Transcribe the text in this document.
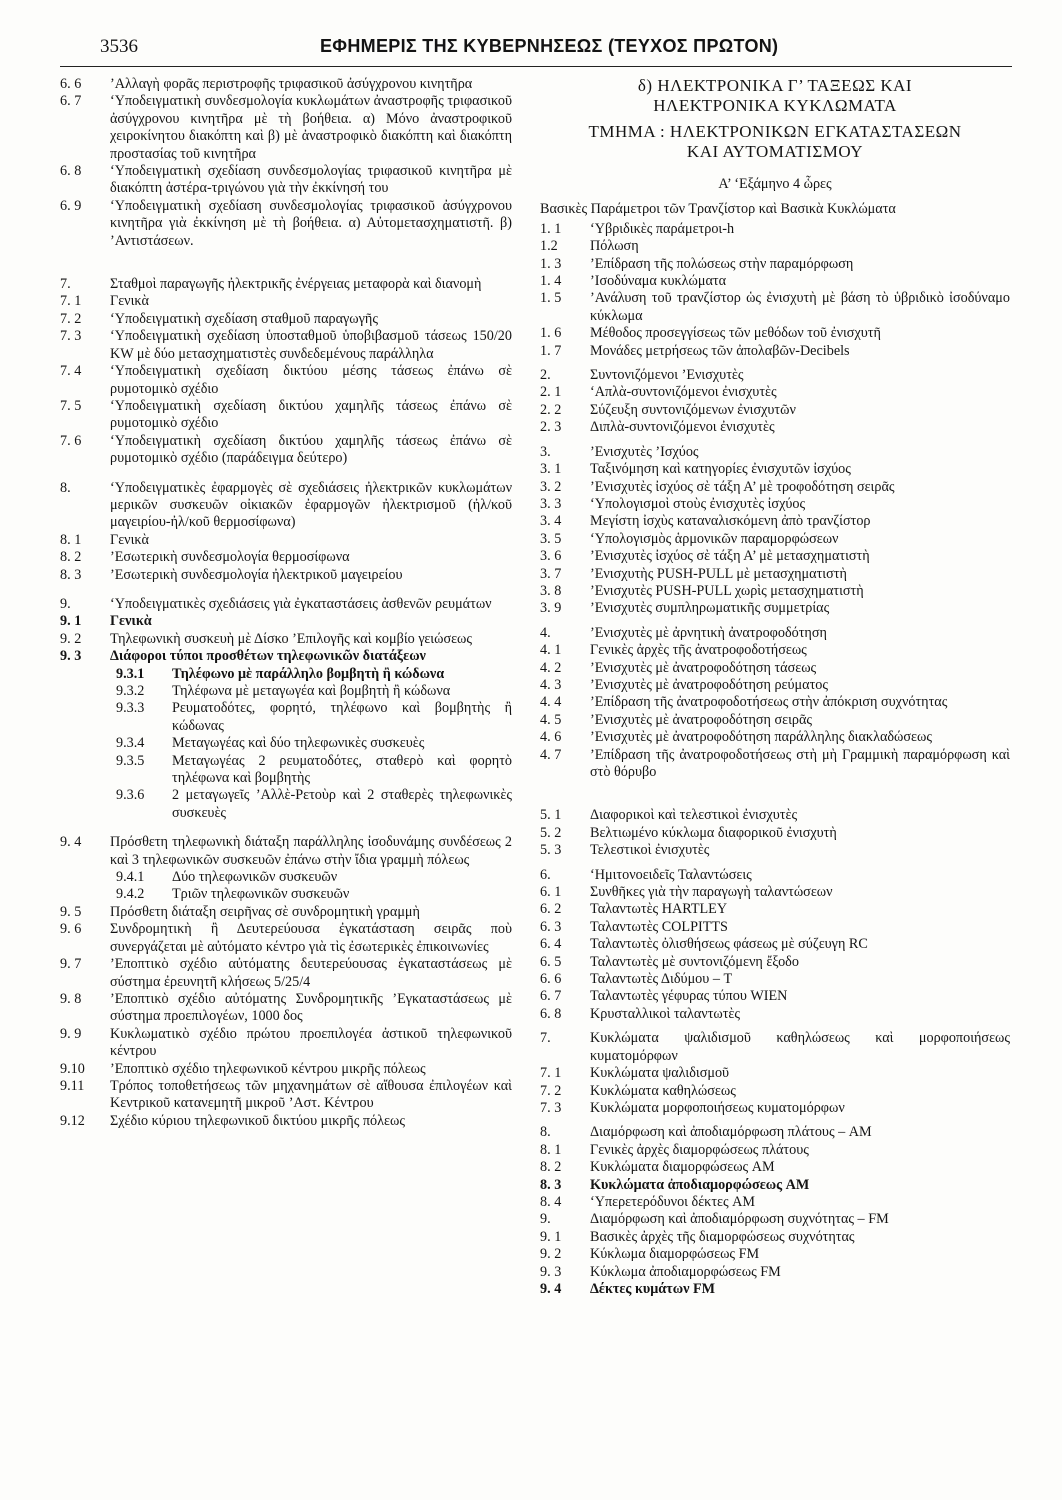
3536	ΕΦΗΜΕΡΙΣ ΤΗΣ ΚΥΒΕΡΝΗΣΕΩΣ (ΤΕΥΧΟΣ ΠΡΩΤΟΝ)
6. 6	’Αλλαγὴ φορᾶς περιστροφῆς τριφασικοῦ ἀσύγχρονου κινητῆρα
6. 7	‘Υποδειγματικὴ συνδεσμολογία κυκλωμάτων ἀναστροφῆς τριφασικοῦ ἀσύγχρονου κινητῆρα μὲ τὴ βοήθεια. α) Μόνο ἀναστροφικοῦ χειροκίνητου διακόπτη καὶ β) μὲ ἀναστροφικὸ διακόπτη καὶ διακόπτη προστασίας τοῦ κινητῆρα
6. 8	‘Υποδειγματικὴ σχεδίαση συνδεσμολογίας τριφασικοῦ κινητῆρα μὲ διακόπτη ἀστέρα-τριγώνου γιὰ τὴν ἐκκίνησή του
6. 9	‘Υποδειγματικὴ σχεδίαση συνδεσμολογίας τριφασικοῦ ἀσύγχρονου κινητῆρα γιὰ ἐκκίνηση μὲ τὴ βοήθεια. α) Αὐτομετασχηματιστῆ. β) ’Αντιστάσεων.
7.	Σταθμοὶ παραγωγῆς ἠλεκτρικῆς ἐνέργειας μεταφορὰ καὶ διανομὴ
7. 1	Γενικὰ
7. 2	‘Υποδειγματικὴ σχεδίαση σταθμοῦ παραγωγῆς
7. 3	‘Υποδειγματικὴ σχεδίαση ὑποσταθμοῦ ὑποβιβασμοῦ τάσεως 150/20 KW μὲ δύο μετασχηματιστὲς συνδεδεμένους παράλληλα
7. 4	‘Υποδειγματικὴ σχεδίαση δικτύου μέσης τάσεως ἐπάνω σὲ ρυμοτομικὸ σχέδιο
7. 5	‘Υποδειγματικὴ σχεδίαση δικτύου χαμηλῆς τάσεως ἐπάνω σὲ ρυμοτομικὸ σχέδιο
7. 6	‘Υποδειγματικὴ σχεδίαση δικτύου χαμηλῆς τάσεως ἐπάνω σὲ ρυμοτομικὸ σχέδιο (παράδειγμα δεύτερο)
8.	‘Υποδειγματικὲς ἐφαρμογὲς σὲ σχεδιάσεις ἠλεκτρικῶν κυκλωμάτων μερικῶν συσκευῶν οἰκιακῶν ἐφαρμογῶν ἠλεκτρισμοῦ (ἠλ/κοῦ μαγειρίου-ἠλ/κοῦ θερμοσίφωνα)
8. 1	Γενικὰ
8. 2	’Εσωτερικὴ συνδεσμολογία θερμοσίφωνα
8. 3	’Εσωτερικὴ συνδεσμολογία ἠλεκτρικοῦ μαγειρείου
9.	‘Υποδειγματικὲς σχεδιάσεις γιὰ ἐγκαταστάσεις ἀσθενῶν ρευμάτων
9. 1	Γενικὰ
9. 2	Τηλεφωνικὴ συσκευὴ μὲ Δίσκο ’Επιλογῆς καὶ κομβίο γειώσεως
9. 3	Διάφοροι τύποι προσθέτων τηλεφωνικῶν διατάξεων
9.3.1	Τηλέφωνο μὲ παράλληλο βομβητὴ ἢ κώδωνα
9.3.2	Τηλέφωνα μὲ μεταγωγέα καὶ βομβητὴ ἢ κώδωνα
9.3.3	Ρευματοδότες, φορητό, τηλέφωνο καὶ βομβητὴς ἢ κώδωνας
9.3.4	Μεταγωγέας καὶ δύο τηλεφωνικὲς συσκευὲς
9.3.5	Μεταγωγέας 2 ρευματοδότες, σταθερὸ καὶ φορητὸ τηλέφωνα καὶ βομβητὴς
9.3.6	2 μεταγωγεῖς ’Αλλὲ-Ρετοὺρ καὶ 2 σταθερὲς τηλεφωνικὲς συσκευὲς
9. 4	Πρόσθετη τηλεφωνικὴ διάταξη παράλληλης ἰσοδυνάμης συνδέσεως 2 καὶ 3 τηλεφωνικῶν συσκευῶν ἐπάνω στὴν ἴδια γραμμὴ πόλεως
9.4.1	Δύο τηλεφωνικῶν συσκευῶν
9.4.2	Τριῶν τηλεφωνικῶν συσκευῶν
9. 5	Πρόσθετη διάταξη σειρῆνας σὲ συνδρομητικὴ γραμμὴ
9. 6	Συνδρομητικὴ ἢ Δευτερεύουσα ἐγκατάσταση σειρᾶς ποὺ συνεργάζεται μὲ αὐτόματο κέντρο γιὰ τὶς ἐσωτερικὲς ἐπικοινωνίες
9. 7	’Εποπτικὸ σχέδιο αὐτόματης δευτερεύουσας ἐγκαταστάσεως μὲ σύστημα ἐρευνητῆ κλήσεως 5/25/4
9. 8	’Εποπτικὸ σχέδιο αὐτόματης Συνδρομητικῆς ’Εγκαταστάσεως μὲ σύστημα προεπιλογέων, 1000 δος
9. 9	Κυκλωματικὸ σχέδιο πρώτου προεπιλογέα ἀστικοῦ τηλεφωνικοῦ κέντρου
9.10	’Εποπτικὸ σχέδιο τηλεφωνικοῦ κέντρου μικρῆς πόλεως
9.11	Τρόπος τοποθετήσεως τῶν μηχανημάτων σὲ αἴθουσα ἐπιλογέων καὶ Κεντρικοῦ κατανεμητῆ μικροῦ ’Αστ. Κέντρου
9.12	Σχέδιο κύριου τηλεφωνικοῦ δικτύου μικρῆς πόλεως
δ) ΗΛΕΚΤΡΟΝΙΚΑ Γ’ ΤΑΞΕΩΣ ΚΑΙ
ΗΛΕΚΤΡΟΝΙΚΑ ΚΥΚΛΩΜΑΤΑ
ΤΜΗΜΑ : ΗΛΕΚΤΡΟΝΙΚΩΝ ΕΓΚΑΤΑΣΤΑΣΕΩΝ
ΚΑΙ ΑΥΤΟΜΑΤΙΣΜΟΥ
Α’ ‘Εξάμηνο 4 ὧρες
Βασικὲς Παράμετροι τῶν Τρανζίστορ καὶ Βασικὰ Κυκλώματα
1. 1	‘Υβριδικὲς παράμετροι-h
1.2	Πόλωση
1. 3	’Επίδραση τῆς πολώσεως στὴν παραμόρφωση
1. 4	’Ισοδύναμα κυκλώματα
1. 5	’Ανάλυση τοῦ τρανζίστορ ὡς ἐνισχυτὴ μὲ βάση τὸ ὑβριδικὸ ἰσοδύναμο κύκλωμα
1. 6	Μέθοδος προσεγγίσεως τῶν μεθόδων τοῦ ἐνισχυτῆ
1. 7	Μονάδες μετρήσεως τῶν ἀπολαβῶν-Decibels
2.	Συντονιζόμενοι ’Ενισχυτὲς
2. 1	‘Απλὰ-συντονιζόμενοι ἐνισχυτὲς
2. 2	Σύζευξη συντονιζόμενων ἐνισχυτῶν
2. 3	Διπλὰ-συντονιζόμενοι ἐνισχυτὲς
3.	’Ενισχυτὲς ’Ισχύος
3. 1	Ταξινόμηση καὶ κατηγορίες ἐνισχυτῶν ἰσχύος
3. 2	’Ενισχυτὲς ἰσχύος σὲ τάξη Α’ μὲ τροφοδότηση σειρᾶς
3. 3	‘Υπολογισμοὶ στοὺς ἐνισχυτὲς ἰσχύος
3. 4	Μεγίστη ἰσχὺς καταναλισκόμενη ἀπὸ τρανζίστορ
3. 5	‘Υπολογισμὸς ἁρμονικῶν παραμορφώσεων
3. 6	’Ενισχυτὲς ἰσχύος σὲ τάξη Α’ μὲ μετασχηματιστὴ
3. 7	’Ενισχυτὴς PUSH-PULL μὲ μετασχηματιστὴ
3. 8	’Ενισχυτὲς PUSH-PULL χωρὶς μετασχηματιστὴ
3. 9	’Ενισχυτὲς συμπληρωματικῆς συμμετρίας
4.	’Ενισχυτὲς μὲ ἀρνητικὴ ἀνατροφοδότηση
4. 1	Γενικὲς ἀρχὲς τῆς ἀνατροφοδοτήσεως
4. 2	’Ενισχυτὲς μὲ ἀνατροφοδότηση τάσεως
4. 3	’Ενισχυτὲς μὲ ἀνατροφοδότηση ρεύματος
4. 4	’Επίδραση τῆς ἀνατροφοδοτήσεως στὴν ἀπόκριση συχνότητας
4. 5	’Ενισχυτὲς μὲ ἀνατροφοδότηση σειρᾶς
4. 6	’Ενισχυτὲς μὲ ἀνατροφοδότηση παράλληλης διακλαδώσεως
4. 7	’Επίδραση τῆς ἀνατροφοδοτήσεως στὴ μὴ Γραμμικὴ παραμόρφωση καὶ στὸ θόρυβο
5. 1	Διαφορικοὶ καὶ τελεστικοὶ ἐνισχυτὲς
5. 2	Βελτιωμένο κύκλωμα διαφορικοῦ ἐνισχυτὴ
5. 3	Τελεστικοὶ ἐνισχυτὲς
6.	‘Ημιτονοειδεῖς Ταλαντώσεις
6. 1	Συνθῆκες γιὰ τὴν παραγωγὴ ταλαντώσεων
6. 2	Ταλαντωτὲς HARTLEY
6. 3	Ταλαντωτὲς COLPITTS
6. 4	Ταλαντωτὲς ὀλισθήσεως φάσεως μὲ σύζευγη RC
6. 5	Ταλαντωτὲς μὲ συντονιζόμενη ἔξοδο
6. 6	Ταλαντωτὲς Διδύμου – T
6. 7	Ταλαντωτὲς γέφυρας τύπου WIEN
6. 8	Κρυσταλλικοὶ ταλαντωτὲς
7.	Κυκλώματα ψαλιδισμοῦ καθηλώσεως καὶ μορφοποιήσεως κυματομόρφων
7. 1	Κυκλώματα ψαλιδισμοῦ
7. 2	Κυκλώματα καθηλώσεως
7. 3	Κυκλώματα μορφοποιήσεως κυματομόρφων
8.	Διαμόρφωση καὶ ἀποδιαμόρφωση πλάτους – AM
8. 1	Γενικὲς ἀρχὲς διαμορφώσεως πλάτους
8. 2	Κυκλώματα διαμορφώσεως AM
8. 3	Κυκλώματα ἀποδιαμορφώσεως AM
8. 4	‘Υπερετερόδυνοι δέκτες AM
9.	Διαμόρφωση καὶ ἀποδιαμόρφωση συχνότητας – FM
9. 1	Βασικὲς ἀρχὲς τῆς διαμορφώσεως συχνότητας
9. 2	Κύκλωμα διαμορφώσεως FM
9. 3	Κύκλωμα ἀποδιαμορφώσεως FM
9. 4	Δέκτες κυμάτων FM
